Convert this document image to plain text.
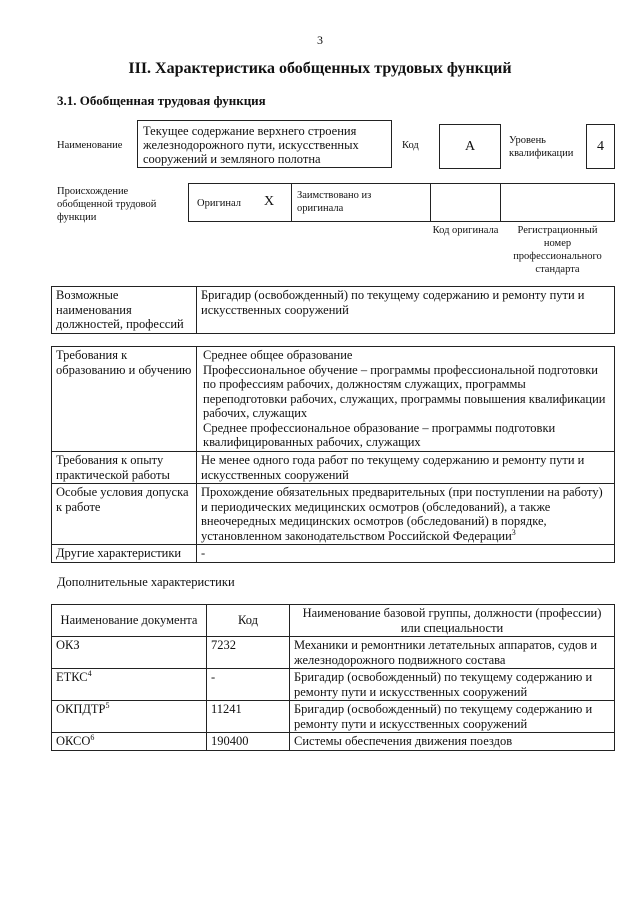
3
III. Характеристика обобщенных трудовых функций
3.1. Обобщенная трудовая функция
Наименование
Текущее содержание верхнего строения железнодорожного пути, искусственных сооружений и земляного полотна
Код	А	Уровень квалификации	4
Происхождение обобщенной трудовой функции
Оригинал Х	Заимствовано из оригинала
Код оригинала	Регистрационный номер профессионального стандарта
Возможные наименования должностей, профессий	Бригадир (освобожденный) по текущему содержанию и ремонту пути и искусственных сооружений
Требования к образованию и обучению	Среднее общее образование
Профессиональное обучение – программы профессиональной подготовки по профессиям рабочих, должностям служащих, программы переподготовки рабочих, служащих, программы повышения квалификации рабочих, служащих
Среднее профессиональное образование – программы подготовки квалифицированных рабочих, служащих
Требования к опыту практической работы	Не менее одного года работ по текущему содержанию и ремонту пути и искусственных сооружений
Особые условия допуска к работе	Прохождение обязательных предварительных (при поступлении на работу) и периодических медицинских осмотров (обследований), а также внеочередных медицинских осмотров (обследований) в порядке, установленном законодательством Российской Федерации$^3$
Другие характеристики	-
Дополнительные характеристики
Наименование документа	Код	Наименование базовой группы, должности (профессии) или специальности
ОКЗ	7232	Механики и ремонтники летательных аппаратов, судов и железнодорожного подвижного состава
ЕТКС$^4$	-	Бригадир (освобожденный) по текущему содержанию и ремонту пути и искусственных сооружений
ОКПДТР$^5$	11241	Бригадир (освобожденный) по текущему содержанию и ремонту пути и искусственных сооружений
ОКСО$^6$	190400	Системы обеспечения движения поездов
